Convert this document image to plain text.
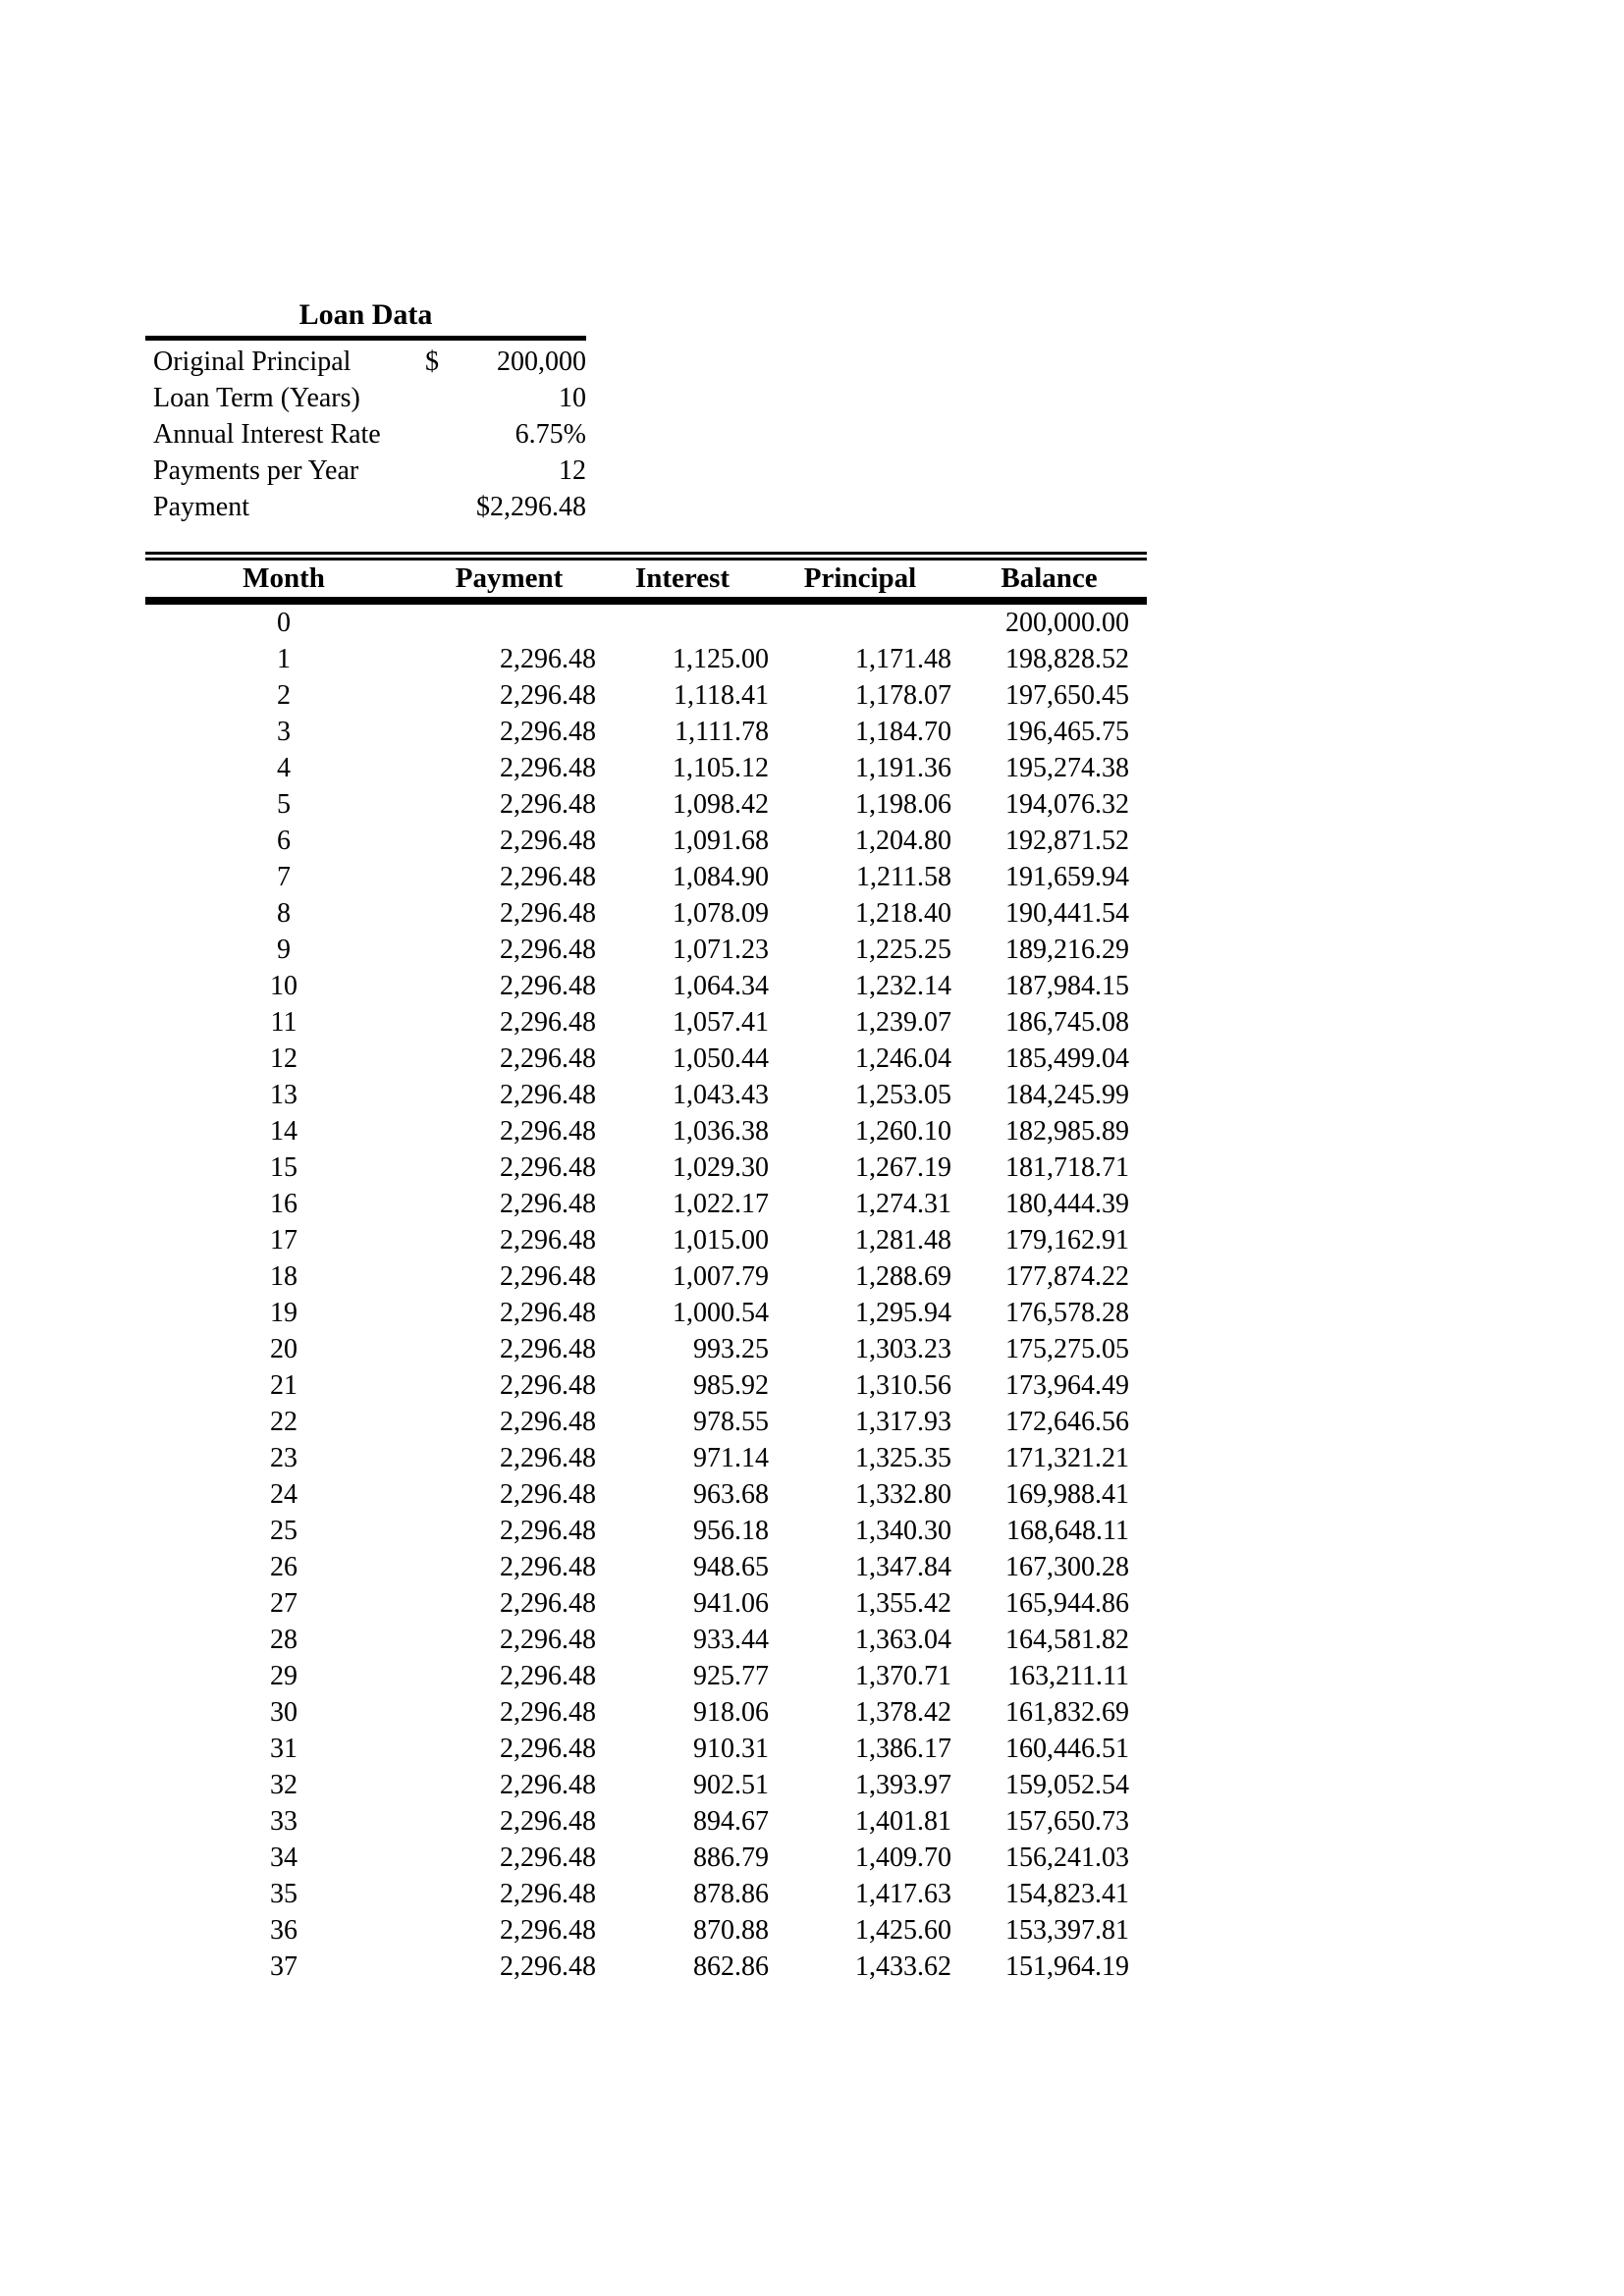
Loan Data
Original Principal	$	200,000
Loan Term (Years)	10
Annual Interest Rate	6.75%
Payments per Year	12
Payment	$2,296.48
Month	Payment	Interest	Principal	Balance
0				200,000.00
1	2,296.48	1,125.00	1,171.48	198,828.52
2	2,296.48	1,118.41	1,178.07	197,650.45
3	2,296.48	1,111.78	1,184.70	196,465.75
4	2,296.48	1,105.12	1,191.36	195,274.38
5	2,296.48	1,098.42	1,198.06	194,076.32
6	2,296.48	1,091.68	1,204.80	192,871.52
7	2,296.48	1,084.90	1,211.58	191,659.94
8	2,296.48	1,078.09	1,218.40	190,441.54
9	2,296.48	1,071.23	1,225.25	189,216.29
10	2,296.48	1,064.34	1,232.14	187,984.15
11	2,296.48	1,057.41	1,239.07	186,745.08
12	2,296.48	1,050.44	1,246.04	185,499.04
13	2,296.48	1,043.43	1,253.05	184,245.99
14	2,296.48	1,036.38	1,260.10	182,985.89
15	2,296.48	1,029.30	1,267.19	181,718.71
16	2,296.48	1,022.17	1,274.31	180,444.39
17	2,296.48	1,015.00	1,281.48	179,162.91
18	2,296.48	1,007.79	1,288.69	177,874.22
19	2,296.48	1,000.54	1,295.94	176,578.28
20	2,296.48	993.25	1,303.23	175,275.05
21	2,296.48	985.92	1,310.56	173,964.49
22	2,296.48	978.55	1,317.93	172,646.56
23	2,296.48	971.14	1,325.35	171,321.21
24	2,296.48	963.68	1,332.80	169,988.41
25	2,296.48	956.18	1,340.30	168,648.11
26	2,296.48	948.65	1,347.84	167,300.28
27	2,296.48	941.06	1,355.42	165,944.86
28	2,296.48	933.44	1,363.04	164,581.82
29	2,296.48	925.77	1,370.71	163,211.11
30	2,296.48	918.06	1,378.42	161,832.69
31	2,296.48	910.31	1,386.17	160,446.51
32	2,296.48	902.51	1,393.97	159,052.54
33	2,296.48	894.67	1,401.81	157,650.73
34	2,296.48	886.79	1,409.70	156,241.03
35	2,296.48	878.86	1,417.63	154,823.41
36	2,296.48	870.88	1,425.60	153,397.81
37	2,296.48	862.86	1,433.62	151,964.19
